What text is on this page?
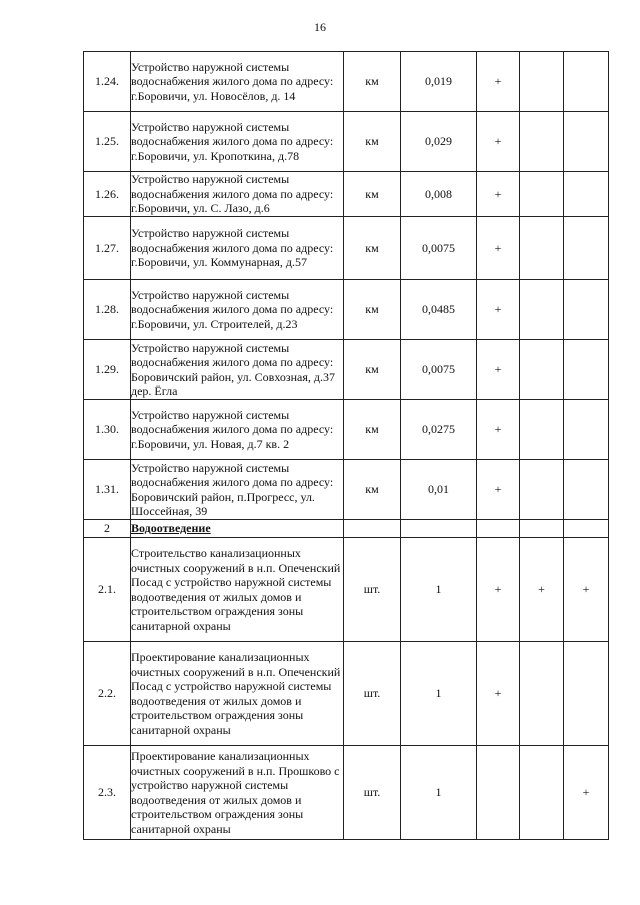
16
1.24.	Устройство наружной системы водоснабжения жилого дома по адресу: г.Боровичи, ул. Новосёлов, д. 14	км	0,019	+		
1.25.	Устройство наружной системы водоснабжения жилого дома по адресу: г.Боровичи, ул. Кропоткина, д.78	км	0,029	+		
1.26.	Устройство наружной системы водоснабжения жилого дома по адресу: г.Боровичи, ул. С. Лазо, д.6	км	0,008	+		
1.27.	Устройство наружной системы водоснабжения жилого дома по адресу: г.Боровичи, ул. Коммунарная, д.57	км	0,0075	+		
1.28.	Устройство наружной системы водоснабжения жилого дома по адресу: г.Боровичи, ул. Строителей, д.23	км	0,0485	+		
1.29.	Устройство наружной системы водоснабжения жилого дома по адресу: Боровичский район, ул. Совхозная, д.37 дер. Ёгла	км	0,0075	+		
1.30.	Устройство наружной системы водоснабжения жилого дома по адресу: г.Боровичи, ул. Новая, д.7 кв. 2	км	0,0275	+		
1.31.	Устройство наружной системы водоснабжения жилого дома по адресу: Боровичский район, п.Прогресс, ул. Шоссейная, 39	км	0,01	+		
2	Водоотведение					
2.1.	Строительство канализационных очистных сооружений в н.п. Опеченский Посад с устройство наружной системы водоотведения от жилых домов и строительством ограждения зоны санитарной охраны	шт.	1	+	+	+
2.2.	Проектирование канализационных очистных сооружений в н.п. Опеченский Посад с устройство наружной системы водоотведения от жилых домов и строительством ограждения зоны санитарной охраны	шт.	1	+		
2.3.	Проектирование канализационных очистных сооружений в н.п. Прошково с устройство наружной системы водоотведения от жилых домов и строительством ограждения зоны санитарной охраны	шт.	1			+
